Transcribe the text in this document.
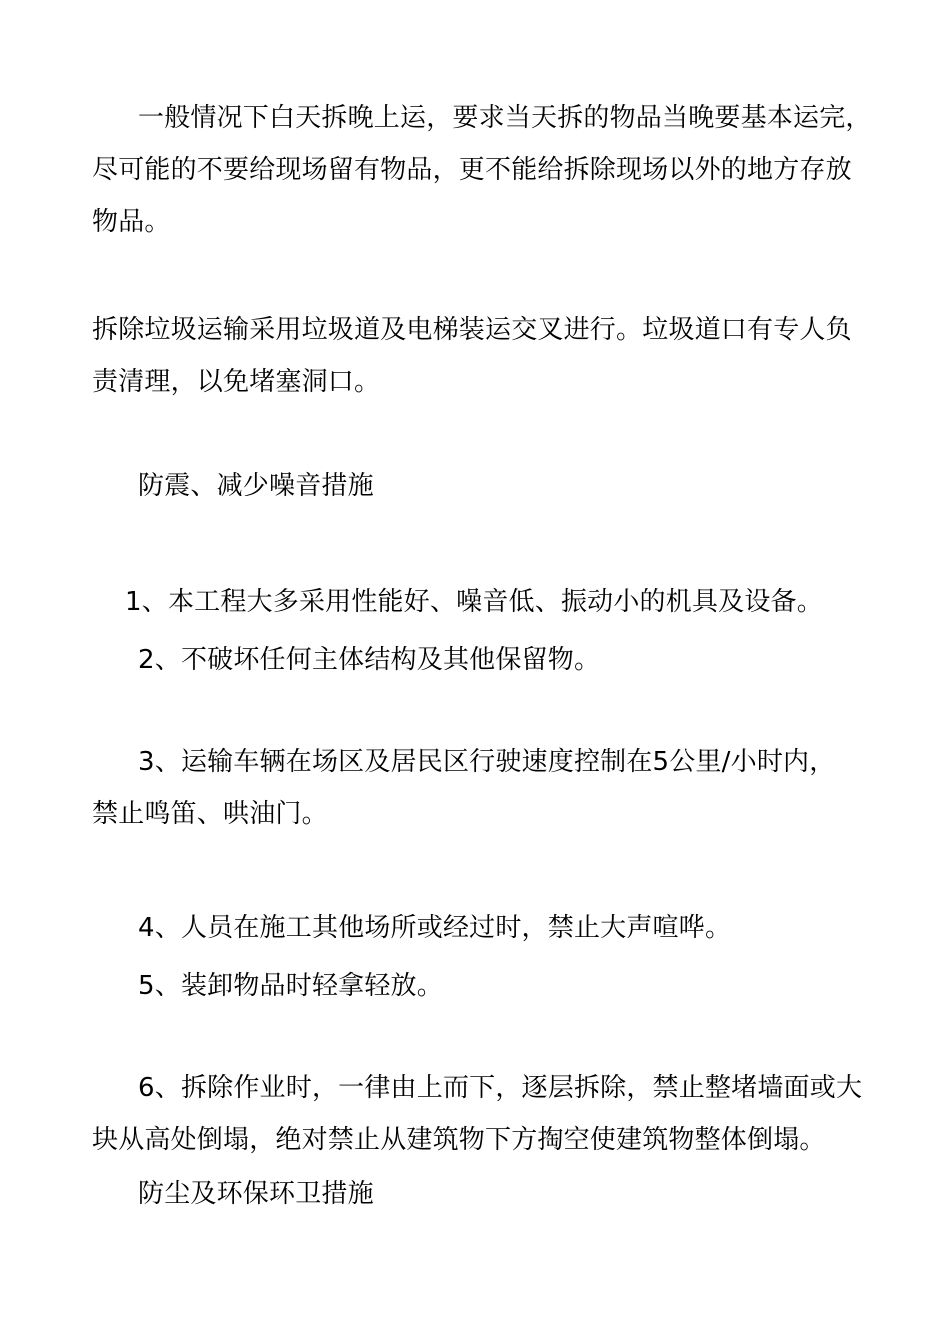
一般情况下白天拆晚上运，要求当天拆的物品当晚要基本运完，

尽可能的不要给现场留有物品，更不能给拆除现场以外的地方存放

物品。

拆除垃圾运输采用垃圾道及电梯装运交叉进行。垃圾道口有专人负

责清理，以免堵塞洞口。

防震、减少噪音措施

1、本工程大多采用性能好、噪音低、振动小的机具及设备。

2、不破坏任何主体结构及其他保留物。

3、运输车辆在场区及居民区行驶速度控制在5公里/小时内，

禁止鸣笛、哄油门。

4、人员在施工其他场所或经过时，禁止大声喧哗。

5、装卸物品时轻拿轻放。

6、拆除作业时，一律由上而下，逐层拆除，禁止整堵墙面或大

块从高处倒塌，绝对禁止从建筑物下方掏空使建筑物整体倒塌。

防尘及环保环卫措施
